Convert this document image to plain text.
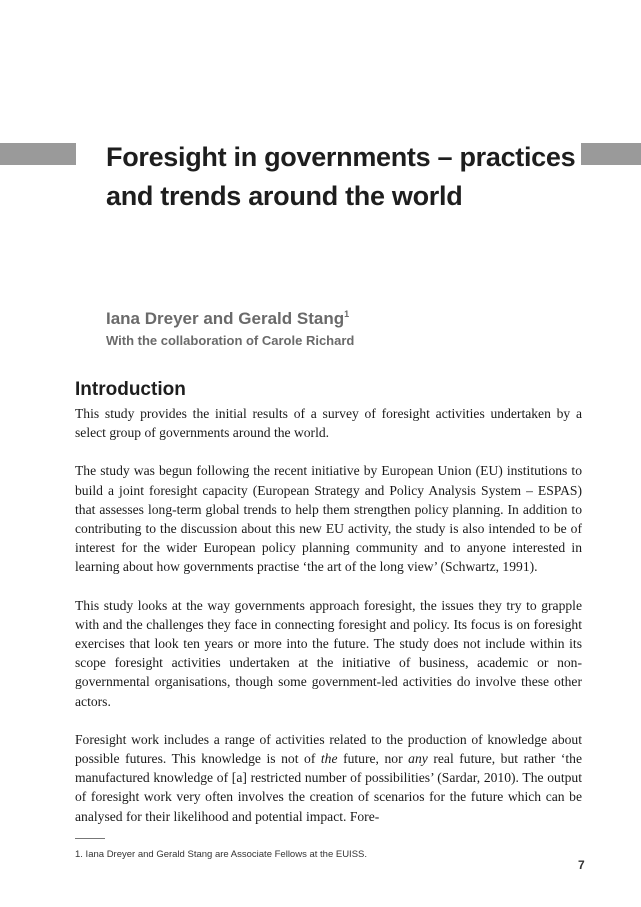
Foresight in governments – practices and trends around the world

Iana Dreyer and Gerald Stang$^1$

With the collaboration of Carole Richard

Introduction

This study provides the initial results of a survey of foresight activities undertaken by a select group of governments around the world.

The study was begun following the recent initiative by European Union (EU) institutions to build a joint foresight capacity (European Strategy and Policy Analysis System – ESPAS) that assesses long-term global trends to help them strengthen policy planning. In addition to contributing to the discussion about this new EU activity, the study is also intended to be of interest for the wider European policy planning community and to anyone interested in learning about how governments practise ‘the art of the long view’ (Schwartz, 1991).

This study looks at the way governments approach foresight, the issues they try to grapple with and the challenges they face in connecting foresight and policy. Its focus is on foresight exercises that look ten years or more into the future. The study does not include within its scope foresight activities undertaken at the initiative of business, academic or non-governmental organisations, though some government-led activities do involve these other actors.

Foresight work includes a range of activities related to the production of knowledge about possible futures. This knowledge is not of the future, nor any real future, but rather ‘the manufactured knowledge of [a] restricted number of possibilities’ (Sardar, 2010). The output of foresight work very often involves the creation of scenarios for the future which can be analysed for their likelihood and potential impact. Fore-

1. Iana Dreyer and Gerald Stang are Associate Fellows at the EUISS.

7
